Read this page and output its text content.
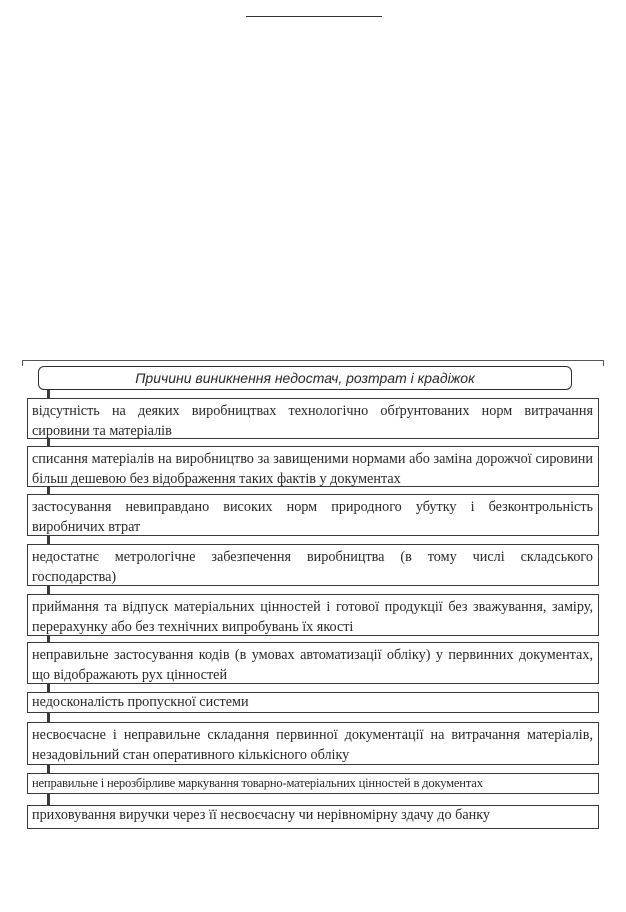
Причини виникнення недостач, розтрат і крадіжок
відсутність на деяких виробництвах технологічно обґрунтованих норм витрачання сировини та матеріалів
списання матеріалів на виробництво за завищеними нормами або заміна дорожчої сировини більш дешевою без відображення таких фактів у документах
застосування невиправдано високих норм природного убутку і безконтрольність виробничих втрат
недостатнє метрологічне забезпечення виробництва (в тому числі складського господарства)
приймання та відпуск матеріальних цінностей і готової продукції без зважування, заміру, перерахунку або без технічних випробувань їх якості
неправильне застосування кодів (в умовах автоматизації обліку) у первинних документах, що відображають рух цінностей
недосконалість пропускної системи
несвоєчасне і неправильне складання первинної документації на витрачання матеріалів, незадовільний стан оперативного кількісного обліку
неправильне і нерозбірливе маркування товарно-матеріальних цінностей в документах
приховування виручки через її несвоєчасну чи нерівномірну здачу до банку
